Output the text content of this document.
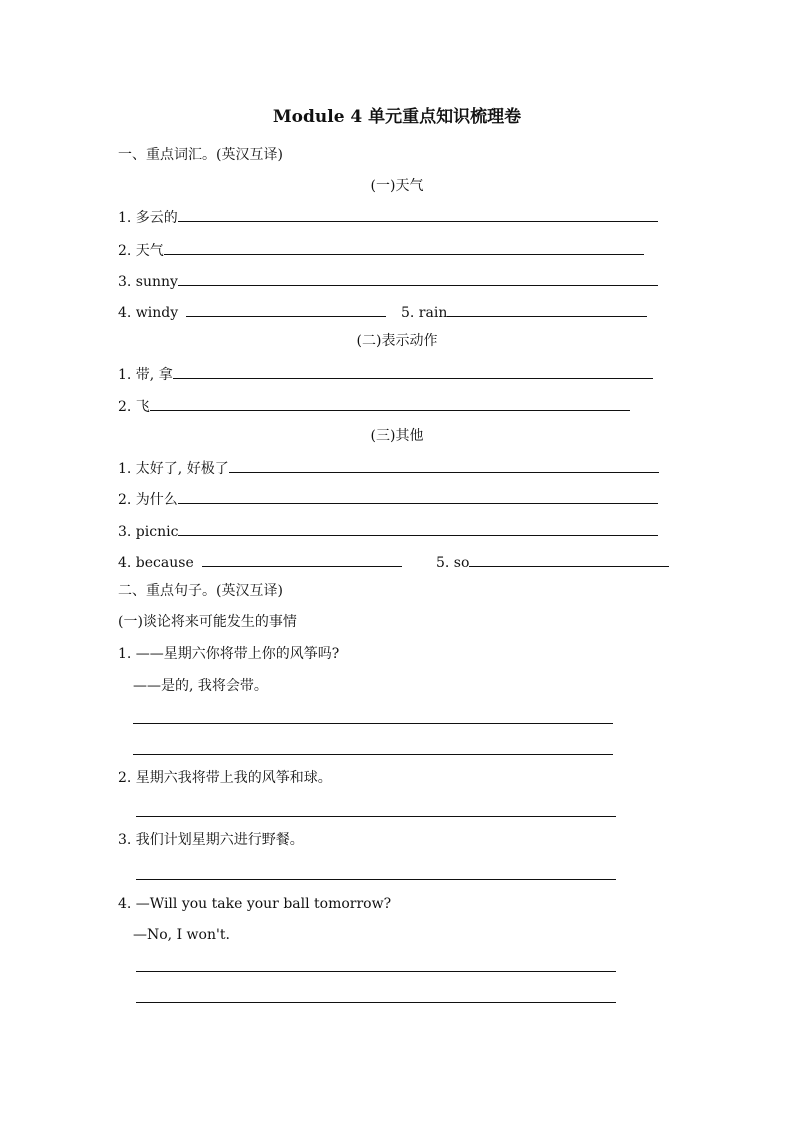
Module 4 单元重点知识梳理卷
一、重点词汇。(英汉互译)
(一)天气
1. 多云的
2. 天气
3. sunny
4. windy	5. rain
(二)表示动作
1. 带, 拿
2. 飞
(三)其他
1. 太好了, 好极了
2. 为什么
3. picnic
4. because	5. so
二、重点句子。(英汉互译)
(一)谈论将来可能发生的事情
1. ——星期六你将带上你的风筝吗?
——是的, 我将会带。
2. 星期六我将带上我的风筝和球。
3. 我们计划星期六进行野餐。
4. —Will you take your ball tomorrow?
—No, I won't.
